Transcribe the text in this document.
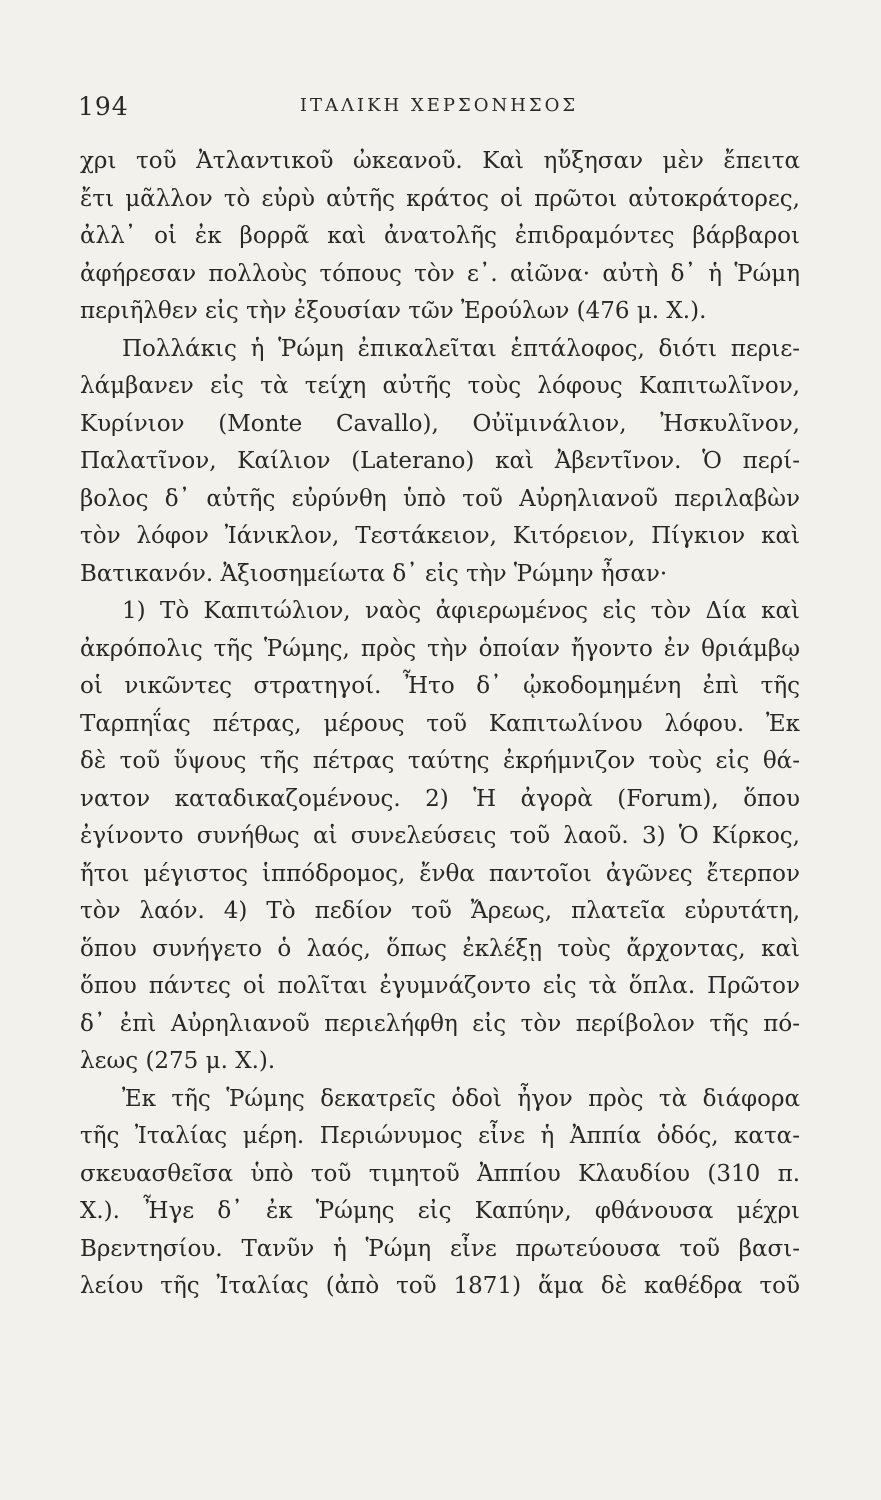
194	ΙΤΑΛΙΚΗ ΧΕΡΣΟΝΗΣΟΣ
χρι τοῦ Ἀτλαντικοῦ ὠκεανοῦ. Καὶ ηὔξησαν μὲν ἔπειτα
ἔτι μᾶλλον τὸ εὐρὺ αὐτῆς κράτος οἱ πρῶτοι αὐτοκράτορες,
ἀλλ᾽ οἱ ἐκ βορρᾶ καὶ ἀνατολῆς ἐπιδραμόντες βάρβαροι
ἀφήρεσαν πολλοὺς τόπους τὸν ε᾽. αἰῶνα· αὐτὴ δ᾽ ἡ Ῥώμη
περιῆλθεν εἰς τὴν ἐξουσίαν τῶν Ἐρούλων (476 μ. Χ.).
Πολλάκις ἡ Ῥώμη ἐπικαλεῖται ἑπτάλοφος, διότι περιε-
λάμβανεν εἰς τὰ τείχη αὐτῆς τοὺς λόφους Καπιτωλῖνον,
Κυρίνιον (Monte Cavallo), Οὐϊμινάλιον, Ἠσκυλῖνον,
Παλατῖνον, Καίλιον (Laterano) καὶ Ἀβεντῖνον. Ὁ περί-
βολος δ᾽ αὐτῆς εὐρύνθη ὑπὸ τοῦ Αὐρηλιανοῦ περιλαβὼν
τὸν λόφον Ἰάνικλον, Τεστάκειον, Κιτόρειον, Πίγκιον καὶ
Βατικανόν. Ἀξιοσημείωτα δ᾽ εἰς τὴν Ῥώμην ἦσαν·
1) Τὸ Καπιτώλιον, ναὸς ἀφιερωμένος εἰς τὸν Δία καὶ
ἀκρόπολις τῆς Ῥώμης, πρὸς τὴν ὁποίαν ἤγοντο ἐν θριάμβῳ
οἱ νικῶντες στρατηγοί. Ἦτο δ᾽ ᾠκοδομημένη ἐπὶ τῆς
Ταρπηΐας πέτρας, μέρους τοῦ Καπιτωλίνου λόφου. Ἐκ
δὲ τοῦ ὕψους τῆς πέτρας ταύτης ἐκρήμνιζον τοὺς εἰς θά-
νατον καταδικαζομένους. 2) Ἡ ἀγορὰ (Forum), ὅπου
ἐγίνοντο συνήθως αἱ συνελεύσεις τοῦ λαοῦ. 3) Ὁ Κίρκος,
ἤτοι μέγιστος ἱππόδρομος, ἔνθα παντοῖοι ἀγῶνες ἔτερπον
τὸν λαόν. 4) Τὸ πεδίον τοῦ Ἄρεως, πλατεῖα εὐρυτάτη,
ὅπου συνήγετο ὁ λαός, ὅπως ἐκλέξῃ τοὺς ἄρχοντας, καὶ
ὅπου πάντες οἱ πολῖται ἐγυμνάζοντο εἰς τὰ ὅπλα. Πρῶτον
δ᾽ ἐπὶ Αὐρηλιανοῦ περιελήφθη εἰς τὸν περίβολον τῆς πό-
λεως (275 μ. Χ.).
Ἐκ τῆς Ῥώμης δεκατρεῖς ὁδοὶ ἦγον πρὸς τὰ διάφορα
τῆς Ἰταλίας μέρη. Περιώνυμος εἶνε ἡ Ἀππία ὁδός, κατα-
σκευασθεῖσα ὑπὸ τοῦ τιμητοῦ Ἀππίου Κλαυδίου (310 π.
Χ.). Ἦγε δ᾽ ἐκ Ῥώμης εἰς Καπύην, φθάνουσα μέχρι
Βρεντησίου. Τανῦν ἡ Ῥώμη εἶνε πρωτεύουσα τοῦ βασι-
λείου τῆς Ἰταλίας (ἀπὸ τοῦ 1871) ἅμα δὲ καθέδρα τοῦ
